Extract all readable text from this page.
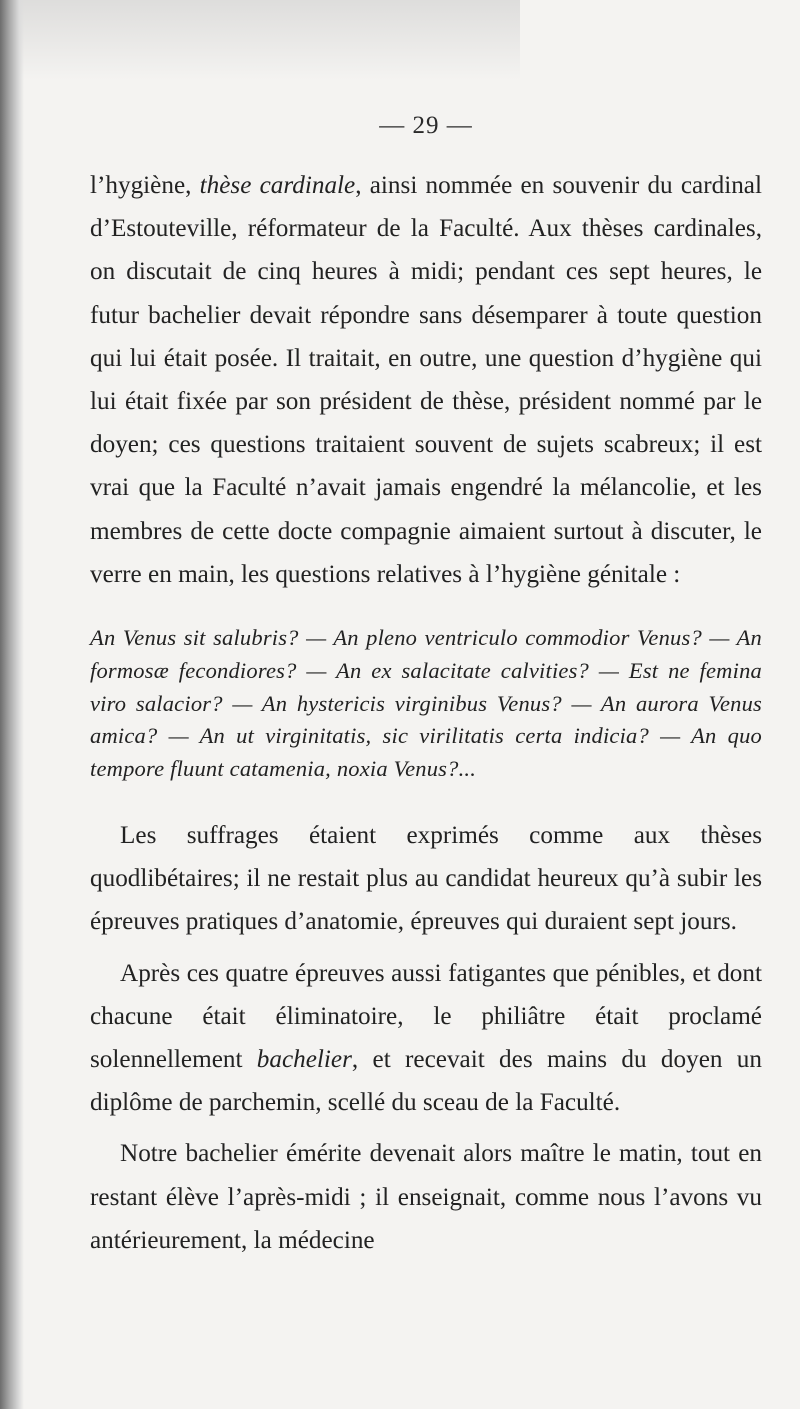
— 29 —

l’hygiène, thèse cardinale, ainsi nommée en souvenir du cardinal d’Estouteville, réformateur de la Faculté. Aux thèses cardinales, on discutait de cinq heures à midi; pendant ces sept heures, le futur bachelier devait répondre sans désemparer à toute question qui lui était posée. Il traitait, en outre, une question d’hygiène qui lui était fixée par son président de thèse, président nommé par le doyen; ces questions traitaient souvent de sujets scabreux; il est vrai que la Faculté n’avait jamais engendré la mélancolie, et les membres de cette docte compagnie aimaient surtout à discuter, le verre en main, les questions relatives à l’hygiène génitale :

An Venus sit salubris? — An pleno ventriculo commodior Venus? — An formosæ fecondiores? — An ex salacitate calvities? — Est ne femina viro salacior? — An hystericis virginibus Venus? — An aurora Venus amica? — An ut virginitatis, sic virilitatis certa indicia? — An quo tempore fluunt catamenia, noxia Venus?...

Les suffrages étaient exprimés comme aux thèses quodlibétaires; il ne restait plus au candidat heureux qu’à subir les épreuves pratiques d’anatomie, épreuves qui duraient sept jours.

Après ces quatre épreuves aussi fatigantes que pénibles, et dont chacune était éliminatoire, le philiâtre était proclamé solennellement bachelier, et recevait des mains du doyen un diplôme de parchemin, scellé du sceau de la Faculté.

Notre bachelier émérite devenait alors maître le matin, tout en restant élève l’après-midi ; il enseignait, comme nous l’avons vu antérieurement, la médecine
